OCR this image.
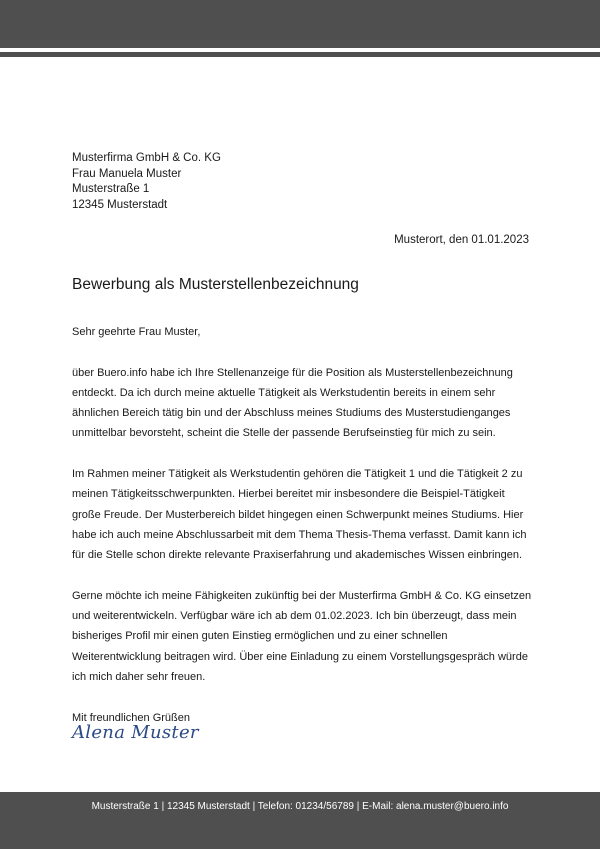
Musterfirma GmbH & Co. KG
Frau Manuela Muster
Musterstraße 1
12345 Musterstadt
Musterort, den 01.01.2023
Bewerbung als Musterstellenbezeichnung

Sehr geehrte Frau Muster,

über Buero.info habe ich Ihre Stellenanzeige für die Position als Musterstellenbezeichnung entdeckt. Da ich durch meine aktuelle Tätigkeit als Werkstudentin bereits in einem sehr ähnlichen Bereich tätig bin und der Abschluss meines Studiums des Musterstudienganges unmittelbar bevorsteht, scheint die Stelle der passende Berufseinstieg für mich zu sein.

Im Rahmen meiner Tätigkeit als Werkstudentin gehören die Tätigkeit 1 und die Tätigkeit 2 zu meinen Tätigkeitsschwerpunkten. Hierbei bereitet mir insbesondere die Beispiel-Tätigkeit große Freude. Der Musterbereich bildet hingegen einen Schwerpunkt meines Studiums. Hier habe ich auch meine Abschlussarbeit mit dem Thema Thesis-Thema verfasst. Damit kann ich für die Stelle schon direkte relevante Praxiserfahrung und akademisches Wissen einbringen.

Gerne möchte ich meine Fähigkeiten zukünftig bei der Musterfirma GmbH & Co. KG einsetzen und weiterentwickeln. Verfügbar wäre ich ab dem 01.02.2023. Ich bin überzeugt, dass mein bisheriges Profil mir einen guten Einstieg ermöglichen und zu einer schnellen Weiterentwicklung beitragen wird. Über eine Einladung zu einem Vorstellungsgespräch würde ich mich daher sehr freuen.

Mit freundlichen Grüßen

Alena Muster
Musterstraße 1 | 12345 Musterstadt | Telefon: 01234/56789 | E-Mail: alena.muster@buero.info
